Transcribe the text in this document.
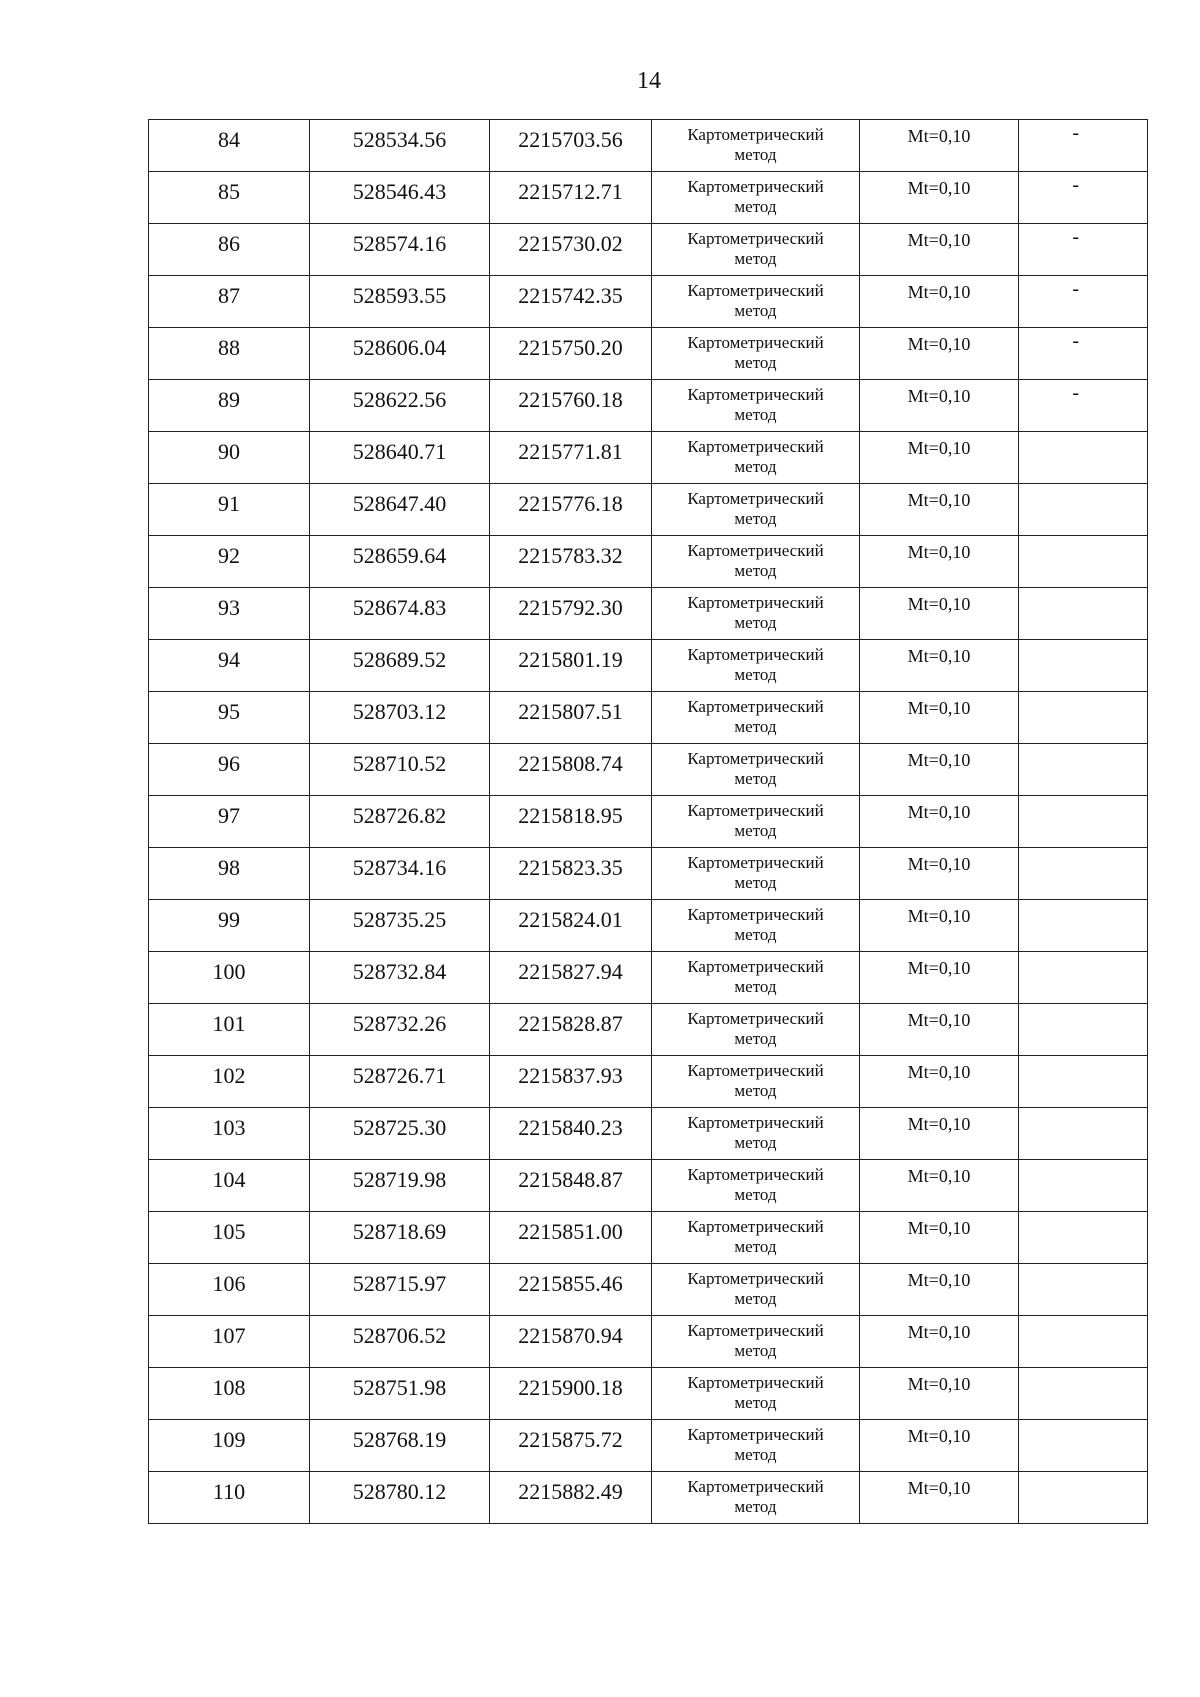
14
84	528534.56	2215703.56	Картометрический
метод	Mt=0,10	-
85	528546.43	2215712.71	Картометрический
метод	Mt=0,10	-
86	528574.16	2215730.02	Картометрический
метод	Mt=0,10	-
87	528593.55	2215742.35	Картометрический
метод	Mt=0,10	-
88	528606.04	2215750.20	Картометрический
метод	Mt=0,10	-
89	528622.56	2215760.18	Картометрический
метод	Mt=0,10	-
90	528640.71	2215771.81	Картометрический
метод	Mt=0,10	
91	528647.40	2215776.18	Картометрический
метод	Mt=0,10	
92	528659.64	2215783.32	Картометрический
метод	Mt=0,10	
93	528674.83	2215792.30	Картометрический
метод	Mt=0,10	
94	528689.52	2215801.19	Картометрический
метод	Mt=0,10	
95	528703.12	2215807.51	Картометрический
метод	Mt=0,10	
96	528710.52	2215808.74	Картометрический
метод	Mt=0,10	
97	528726.82	2215818.95	Картометрический
метод	Mt=0,10	
98	528734.16	2215823.35	Картометрический
метод	Mt=0,10	
99	528735.25	2215824.01	Картометрический
метод	Mt=0,10	
100	528732.84	2215827.94	Картометрический
метод	Mt=0,10	
101	528732.26	2215828.87	Картометрический
метод	Mt=0,10	
102	528726.71	2215837.93	Картометрический
метод	Mt=0,10	
103	528725.30	2215840.23	Картометрический
метод	Mt=0,10	
104	528719.98	2215848.87	Картометрический
метод	Mt=0,10	
105	528718.69	2215851.00	Картометрический
метод	Mt=0,10	
106	528715.97	2215855.46	Картометрический
метод	Mt=0,10	
107	528706.52	2215870.94	Картометрический
метод	Mt=0,10	
108	528751.98	2215900.18	Картометрический
метод	Mt=0,10	
109	528768.19	2215875.72	Картометрический
метод	Mt=0,10	
110	528780.12	2215882.49	Картометрический
метод	Mt=0,10	
